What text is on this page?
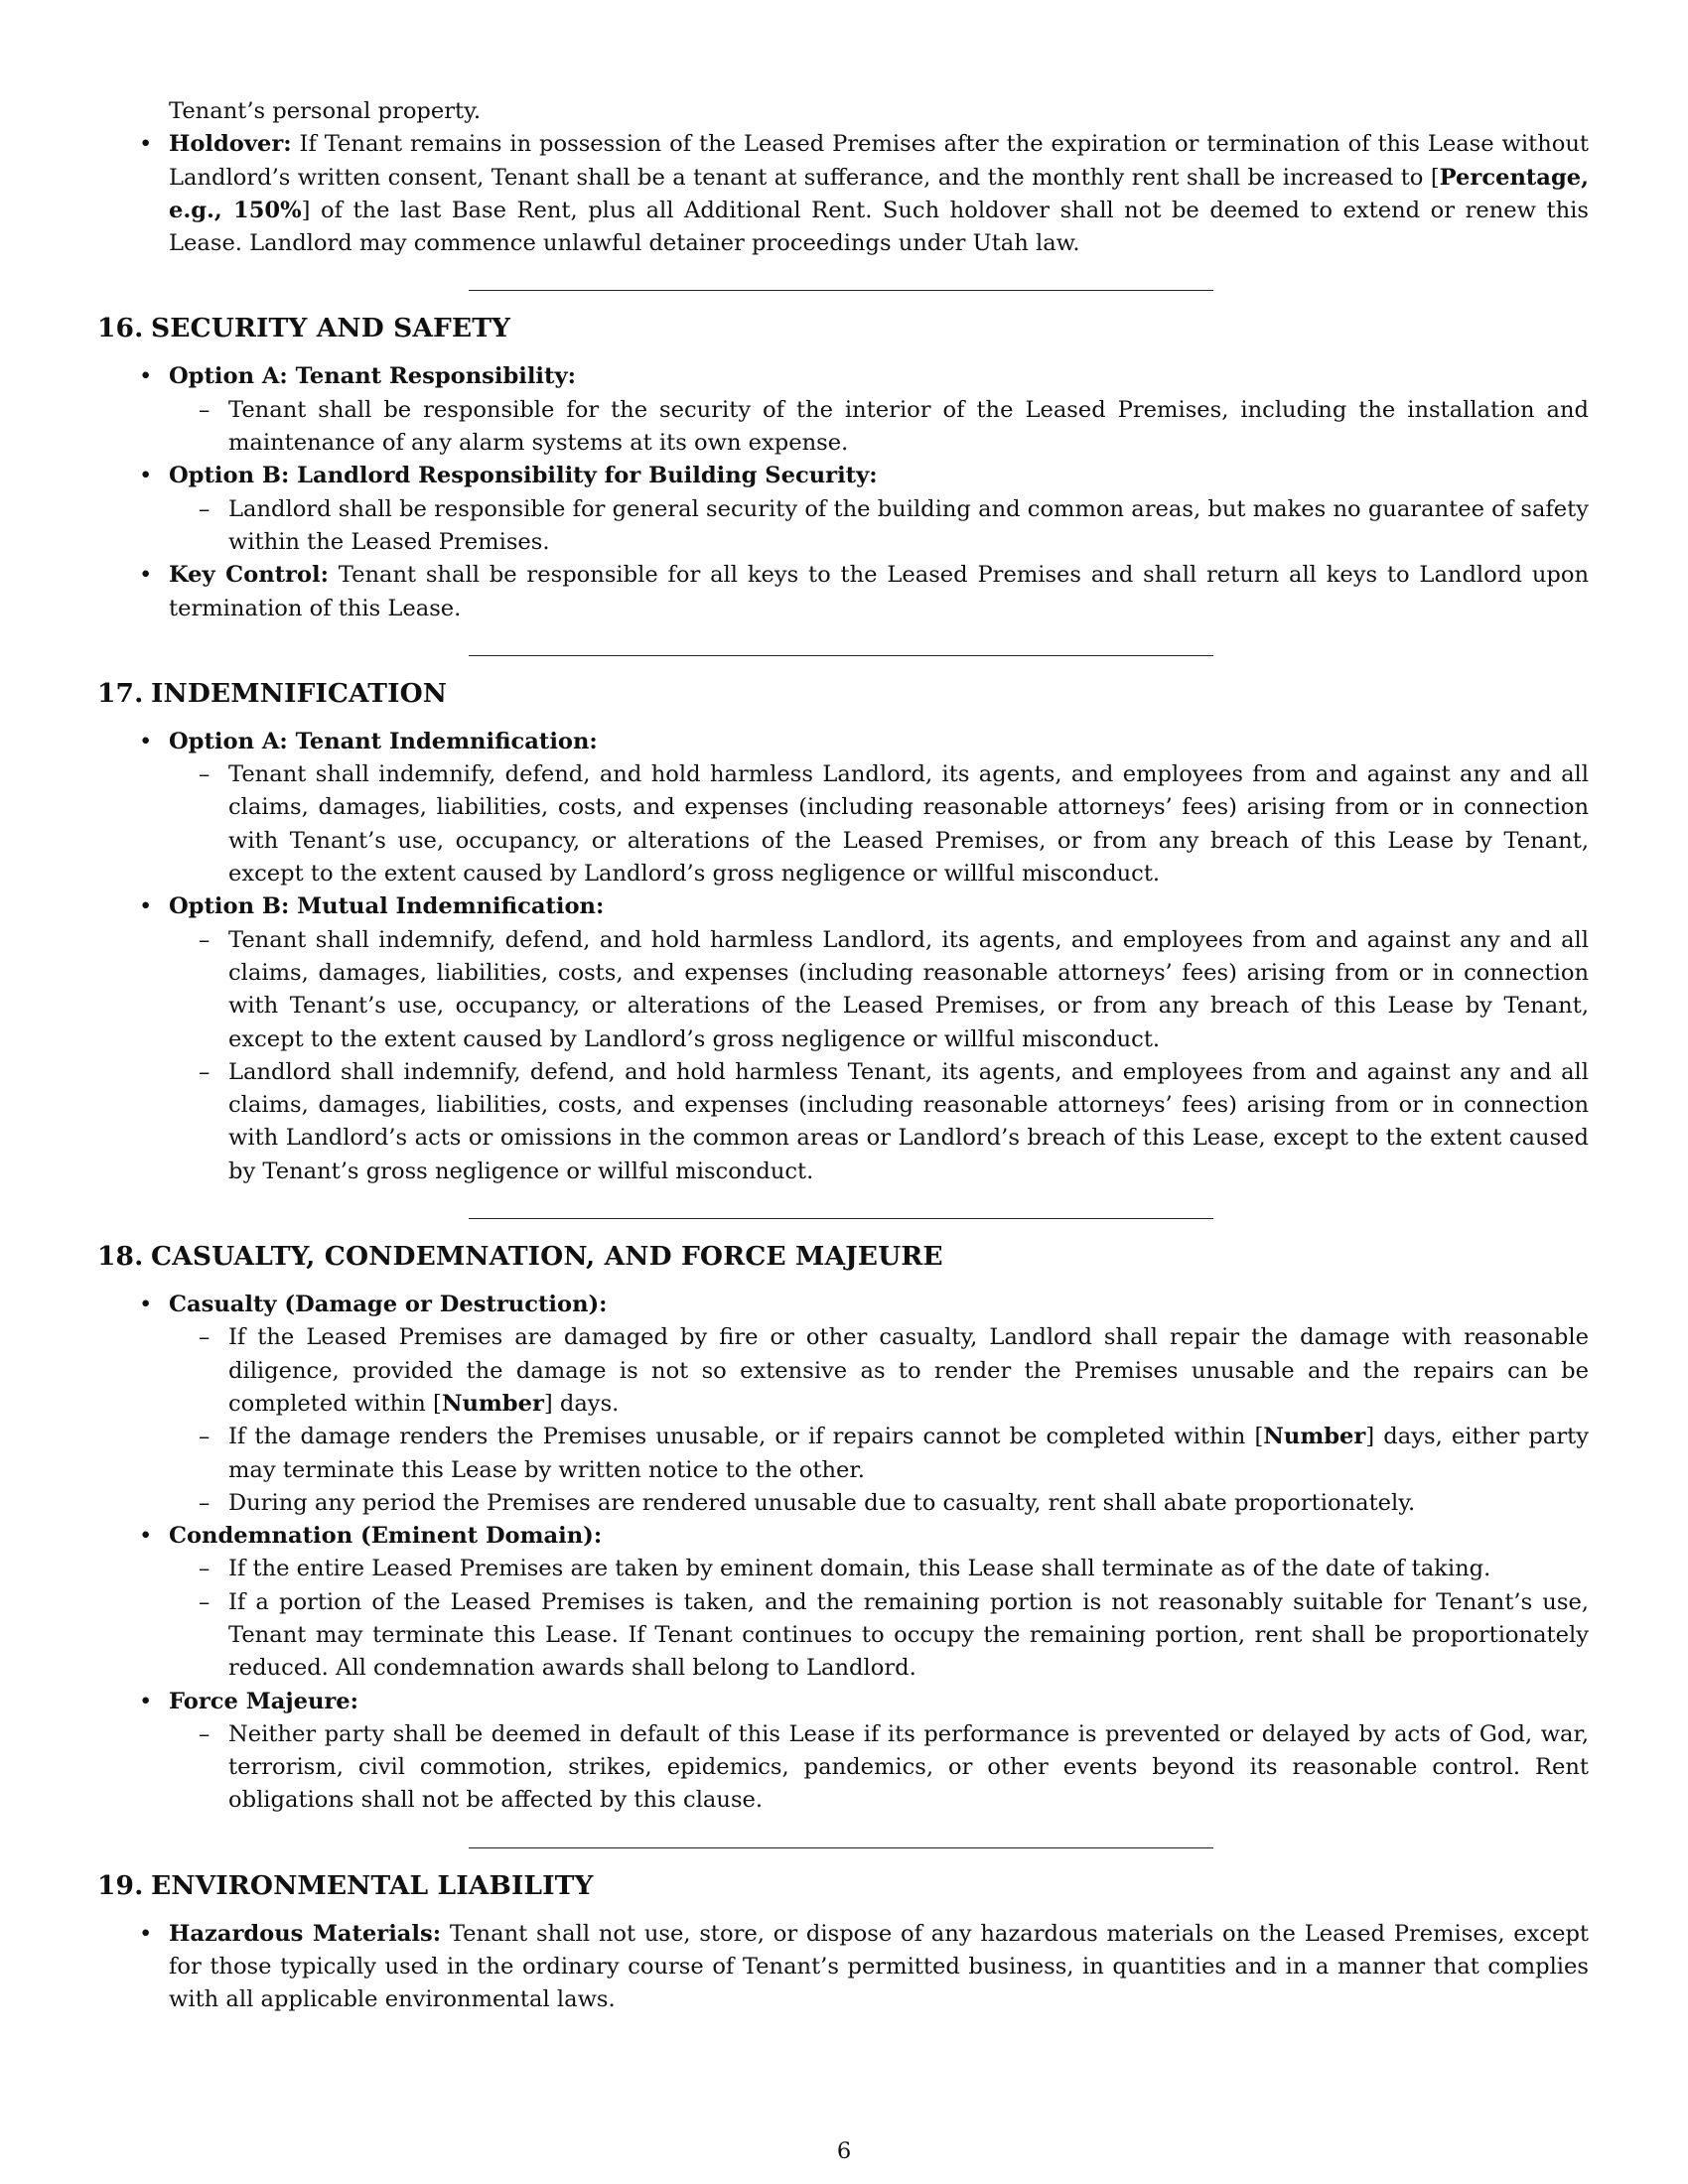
Tenant’s personal property.
• Holdover: If Tenant remains in possession of the Leased Premises after the expiration or termination of this Lease without Landlord’s written consent, Tenant shall be a tenant at sufferance, and the monthly rent shall be increased to [Percentage, e.g., 150%] of the last Base Rent, plus all Additional Rent. Such holdover shall not be deemed to extend or renew this Lease. Landlord may commence unlawful detainer proceedings under Utah law.
16. SECURITY AND SAFETY
• Option A: Tenant Responsibility:
– Tenant shall be responsible for the security of the interior of the Leased Premises, including the installation and maintenance of any alarm systems at its own expense.
• Option B: Landlord Responsibility for Building Security:
– Landlord shall be responsible for general security of the building and common areas, but makes no guarantee of safety within the Leased Premises.
• Key Control: Tenant shall be responsible for all keys to the Leased Premises and shall return all keys to Landlord upon termination of this Lease.
17. INDEMNIFICATION
• Option A: Tenant Indemnification:
– Tenant shall indemnify, defend, and hold harmless Landlord, its agents, and employees from and against any and all claims, damages, liabilities, costs, and expenses (including reasonable attorneys’ fees) arising from or in connection with Tenant’s use, occupancy, or alterations of the Leased Premises, or from any breach of this Lease by Tenant, except to the extent caused by Landlord’s gross negligence or willful misconduct.
• Option B: Mutual Indemnification:
– Tenant shall indemnify, defend, and hold harmless Landlord, its agents, and employees from and against any and all claims, damages, liabilities, costs, and expenses (including reasonable attorneys’ fees) arising from or in connection with Tenant’s use, occupancy, or alterations of the Leased Premises, or from any breach of this Lease by Tenant, except to the extent caused by Landlord’s gross negligence or willful misconduct.
– Landlord shall indemnify, defend, and hold harmless Tenant, its agents, and employees from and against any and all claims, damages, liabilities, costs, and expenses (including reasonable attorneys’ fees) arising from or in connection with Landlord’s acts or omissions in the common areas or Landlord’s breach of this Lease, except to the extent caused by Tenant’s gross negligence or willful misconduct.
18. CASUALTY, CONDEMNATION, AND FORCE MAJEURE
• Casualty (Damage or Destruction):
– If the Leased Premises are damaged by fire or other casualty, Landlord shall repair the damage with reasonable diligence, provided the damage is not so extensive as to render the Premises unusable and the repairs can be completed within [Number] days.
– If the damage renders the Premises unusable, or if repairs cannot be completed within [Number] days, either party may terminate this Lease by written notice to the other.
– During any period the Premises are rendered unusable due to casualty, rent shall abate proportionately.
• Condemnation (Eminent Domain):
– If the entire Leased Premises are taken by eminent domain, this Lease shall terminate as of the date of taking.
– If a portion of the Leased Premises is taken, and the remaining portion is not reasonably suitable for Tenant’s use, Tenant may terminate this Lease. If Tenant continues to occupy the remaining portion, rent shall be proportionately reduced. All condemnation awards shall belong to Landlord.
• Force Majeure:
– Neither party shall be deemed in default of this Lease if its performance is prevented or delayed by acts of God, war, terrorism, civil commotion, strikes, epidemics, pandemics, or other events beyond its reasonable control. Rent obligations shall not be affected by this clause.
19. ENVIRONMENTAL LIABILITY
• Hazardous Materials: Tenant shall not use, store, or dispose of any hazardous materials on the Leased Premises, except for those typically used in the ordinary course of Tenant’s permitted business, in quantities and in a manner that complies with all applicable environmental laws.
6
